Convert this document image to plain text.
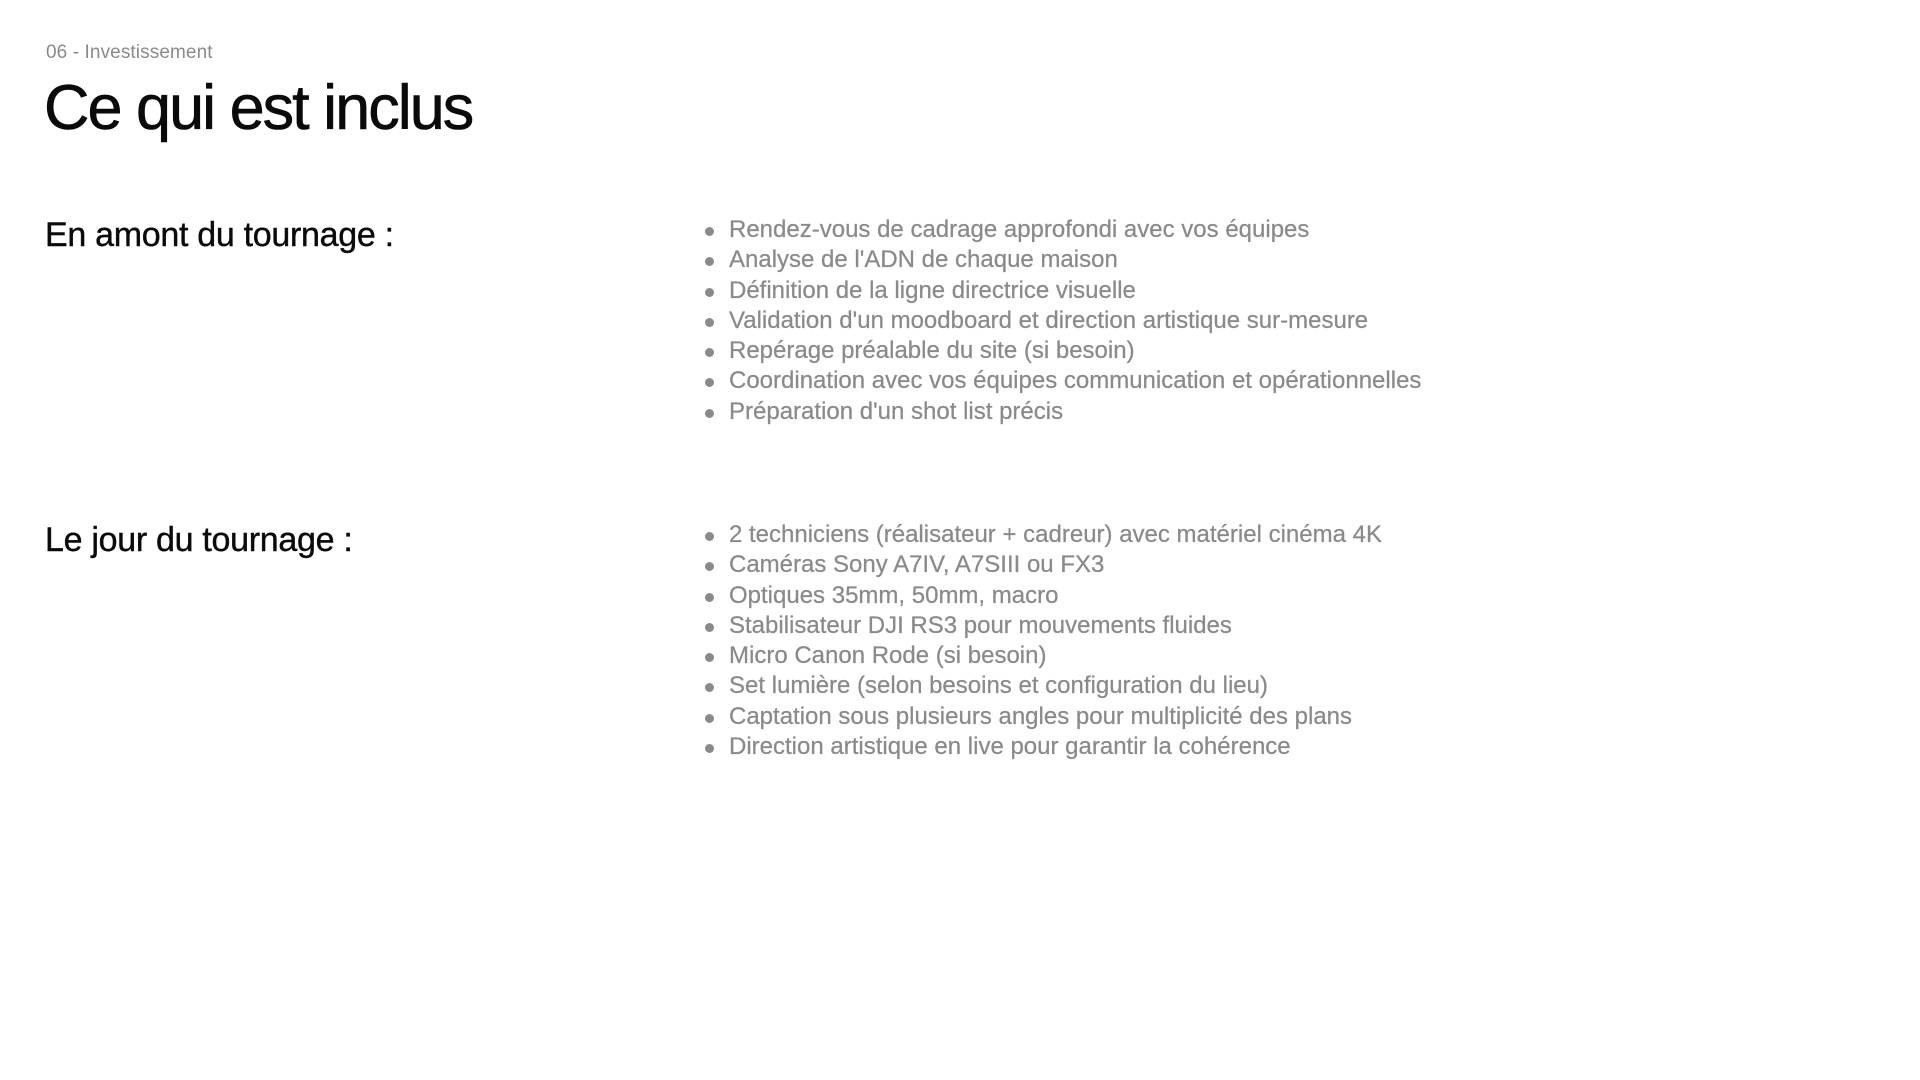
06 - Investissement
Ce qui est inclus
En amont du tournage :	Rendez-vous de cadrage approfondi avec vos équipes
Analyse de l'ADN de chaque maison
Définition de la ligne directrice visuelle
Validation d'un moodboard et direction artistique sur-mesure
Repérage préalable du site (si besoin)
Coordination avec vos équipes communication et opérationnelles
Préparation d'un shot list précis
Le jour du tournage :	2 techniciens (réalisateur + cadreur) avec matériel cinéma 4K
Caméras Sony A7IV, A7SIII ou FX3
Optiques 35mm, 50mm, macro
Stabilisateur DJI RS3 pour mouvements fluides
Micro Canon Rode (si besoin)
Set lumière (selon besoins et configuration du lieu)
Captation sous plusieurs angles pour multiplicité des plans
Direction artistique en live pour garantir la cohérence
